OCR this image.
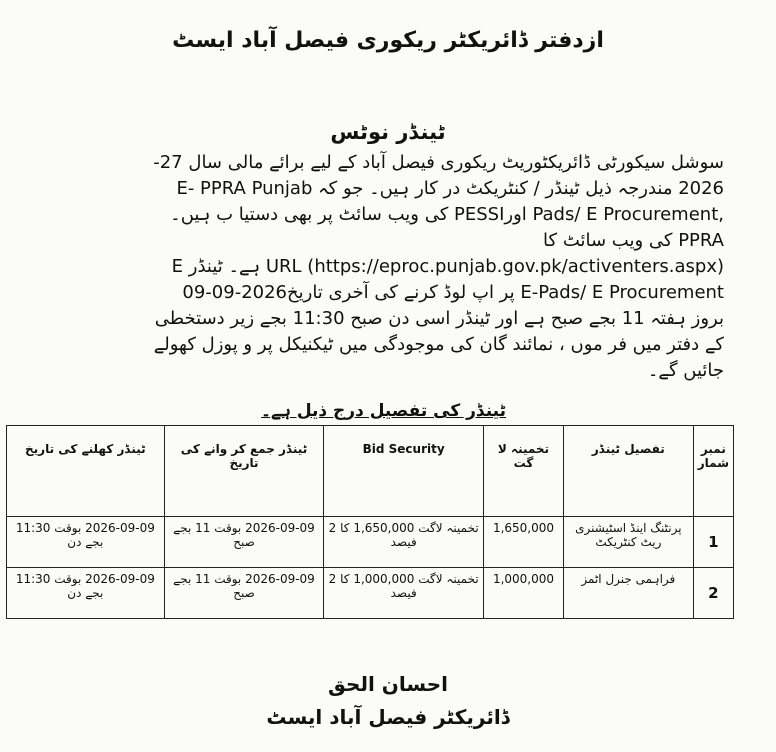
ازدفتر ڈائریکٹر ریکوری فیصل آباد ایسٹ
ٹینڈر نوٹس
سوشل سیکورٹی ڈائریکٹوریٹ ریکوری فیصل آباد کے لیے برائے مالی سال 27-
2026 مندرجہ ذیل ٹینڈر / کنٹریکٹ در کار ہیں۔ جو کہ E- PPRA Punjab
,Pads/ E Procurement اورPESSI کی ویب سائٹ پر بھی دستیا ب ہیں۔
PPRA کی ویب سائٹ کا
URL (https://eproc.punjab.gov.pk/activenters.aspx) ہے۔ ٹینڈر E
E-Pads/ E Procurement پر اپ لوڈ کرنے کی آخری تاریخ2026-09-09
بروز ہفتہ 11 بجے صبح ہے اور ٹینڈر اسی دن صبح 11:30 بجے زیر دستخطی
کے دفتر میں فر موں ، نمائند گان کی موجودگی میں ٹیکنیکل پر و پوزل کھولے
جائیں گے۔
ٹینڈر کی تفصیل درج ذیل ہے۔
نمبر شمار	تفصیل ٹینڈر	تخمینہ لا گت	Bid Security	ٹینڈر جمع کر وانے کی تاریخ	ٹینڈر کھلنے کی تاریخ
1	پرنٹنگ اینڈ اسٹیشنری ریٹ کنٹریکٹ	1,650,000	تخمینہ لاگت 1,650,000 کا 2 فیصد	2026-09-09 بوقت 11 بجے صبح	2026-09-09 بوقت 11:30 بجے دن
2	فراہمی جنرل اٹمز	1,000,000	تخمینہ لاگت 1,000,000 کا 2 فیصد	2026-09-09 بوقت 11 بجے صبح	2026-09-09 بوقت 11:30 بجے دن
احسان الحق
ڈائریکٹر فیصل آباد ایسٹ
